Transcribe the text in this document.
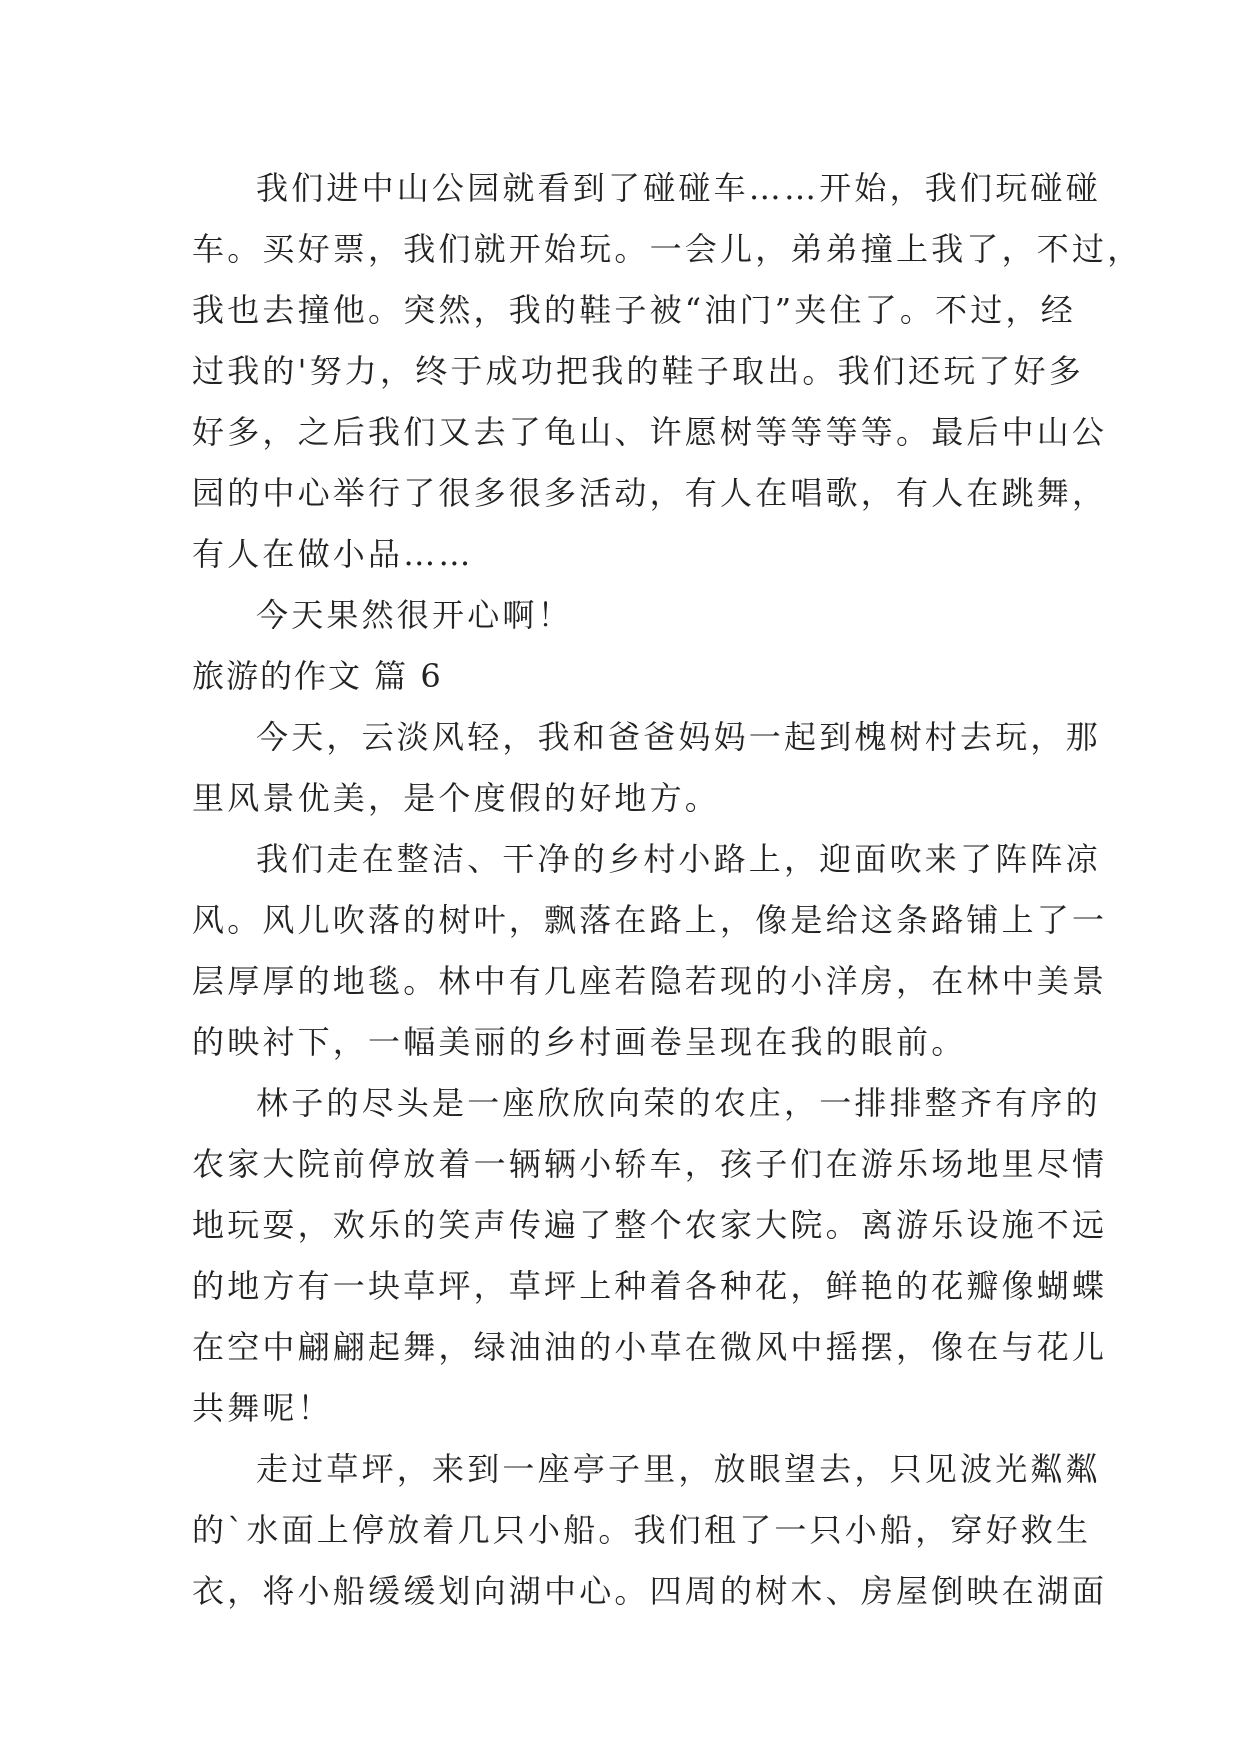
我们进中山公园就看到了碰碰车……开始，我们玩碰碰
车。买好票，我们就开始玩。一会儿，弟弟撞上我了，不过，
我也去撞他。突然，我的鞋子被“油门”夹住了。不过，经
过我的'努力，终于成功把我的鞋子取出。我们还玩了好多
好多，之后我们又去了龟山、许愿树等等等等。最后中山公
园的中心举行了很多很多活动，有人在唱歌，有人在跳舞，
有人在做小品……
今天果然很开心啊！
旅游的作文 篇 6
今天，云淡风轻，我和爸爸妈妈一起到槐树村去玩，那
里风景优美，是个度假的好地方。
我们走在整洁、干净的乡村小路上，迎面吹来了阵阵凉
风。风儿吹落的树叶，飘落在路上，像是给这条路铺上了一
层厚厚的地毯。林中有几座若隐若现的小洋房，在林中美景
的映衬下，一幅美丽的乡村画卷呈现在我的眼前。
林子的尽头是一座欣欣向荣的农庄，一排排整齐有序的
农家大院前停放着一辆辆小轿车，孩子们在游乐场地里尽情
地玩耍，欢乐的笑声传遍了整个农家大院。离游乐设施不远
的地方有一块草坪，草坪上种着各种花，鲜艳的花瓣像蝴蝶
在空中翩翩起舞，绿油油的小草在微风中摇摆，像在与花儿
共舞呢！
走过草坪，来到一座亭子里，放眼望去，只见波光粼粼
的`水面上停放着几只小船。我们租了一只小船，穿好救生
衣，将小船缓缓划向湖中心。四周的树木、房屋倒映在湖面
